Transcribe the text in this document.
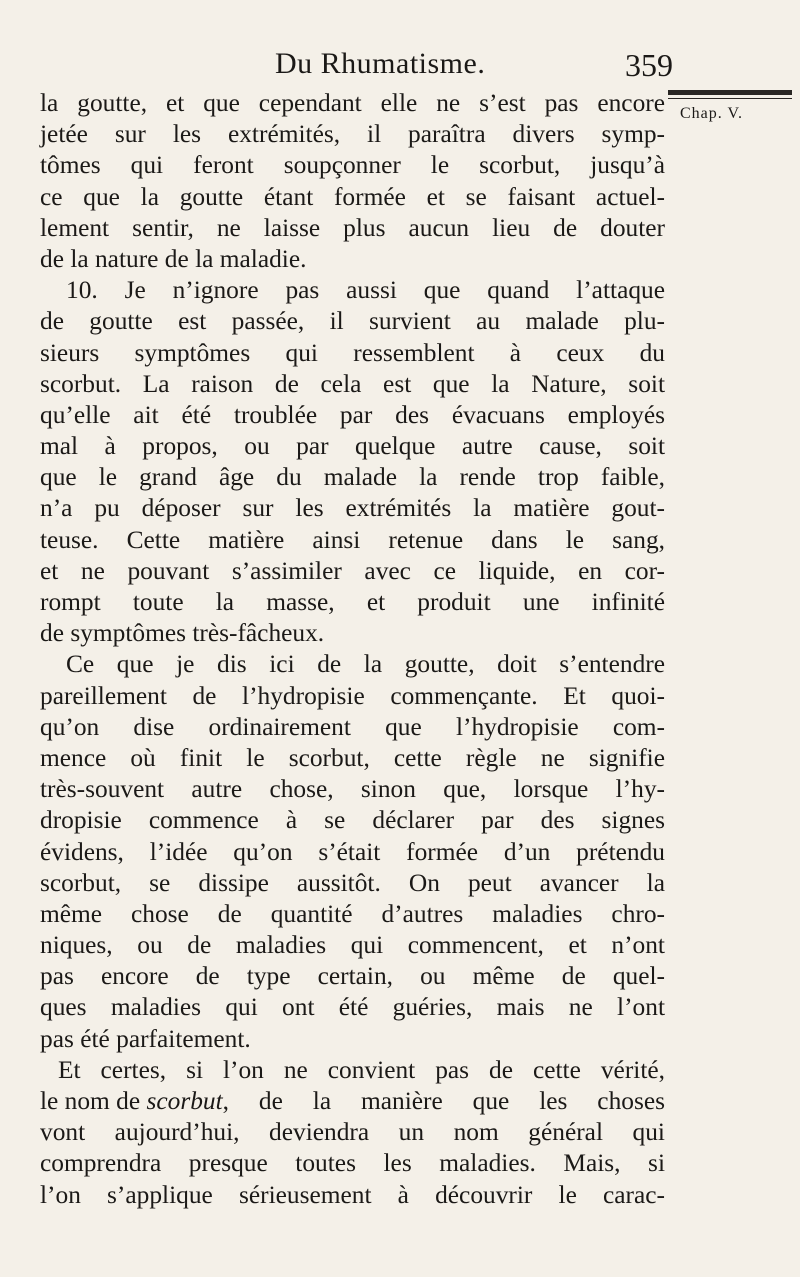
Du Rhumatisme.	359
Chap. V.
la goutte, et que cependant elle ne s’est pas encore
jetée sur les extrémités, il paraîtra divers symp-
tômes qui feront soupçonner le scorbut, jusqu’à
ce que la goutte étant formée et se faisant actuel-
lement sentir, ne laisse plus aucun lieu de douter
de la nature de la maladie.
10. Je n’ignore pas aussi que quand l’attaque
de goutte est passée, il survient au malade plu-
sieurs symptômes qui ressemblent à ceux du
scorbut. La raison de cela est que la Nature, soit
qu’elle ait été troublée par des évacuans employés
mal à propos, ou par quelque autre cause, soit
que le grand âge du malade la rende trop faible,
n’a pu déposer sur les extrémités la matière gout-
teuse. Cette matière ainsi retenue dans le sang,
et ne pouvant s’assimiler avec ce liquide, en cor-
rompt toute la masse, et produit une infinité
de symptômes très-fâcheux.
Ce que je dis ici de la goutte, doit s’entendre
pareillement de l’hydropisie commençante. Et quoi-
qu’on dise ordinairement que l’hydropisie com-
mence où finit le scorbut, cette règle ne signifie
très-souvent autre chose, sinon que, lorsque l’hy-
dropisie commence à se déclarer par des signes
évidens, l’idée qu’on s’était formée d’un prétendu
scorbut, se dissipe aussitôt. On peut avancer la
même chose de quantité d’autres maladies chro-
niques, ou de maladies qui commencent, et n’ont
pas encore de type certain, ou même de quel-
ques maladies qui ont été guéries, mais ne l’ont
pas été parfaitement.
Et certes, si l’on ne convient pas de cette vérité,
le nom de scorbut , de la manière que les choses
vont aujourd’hui, deviendra un nom général qui
comprendra presque toutes les maladies. Mais, si
l’on s’applique sérieusement à découvrir le carac-
